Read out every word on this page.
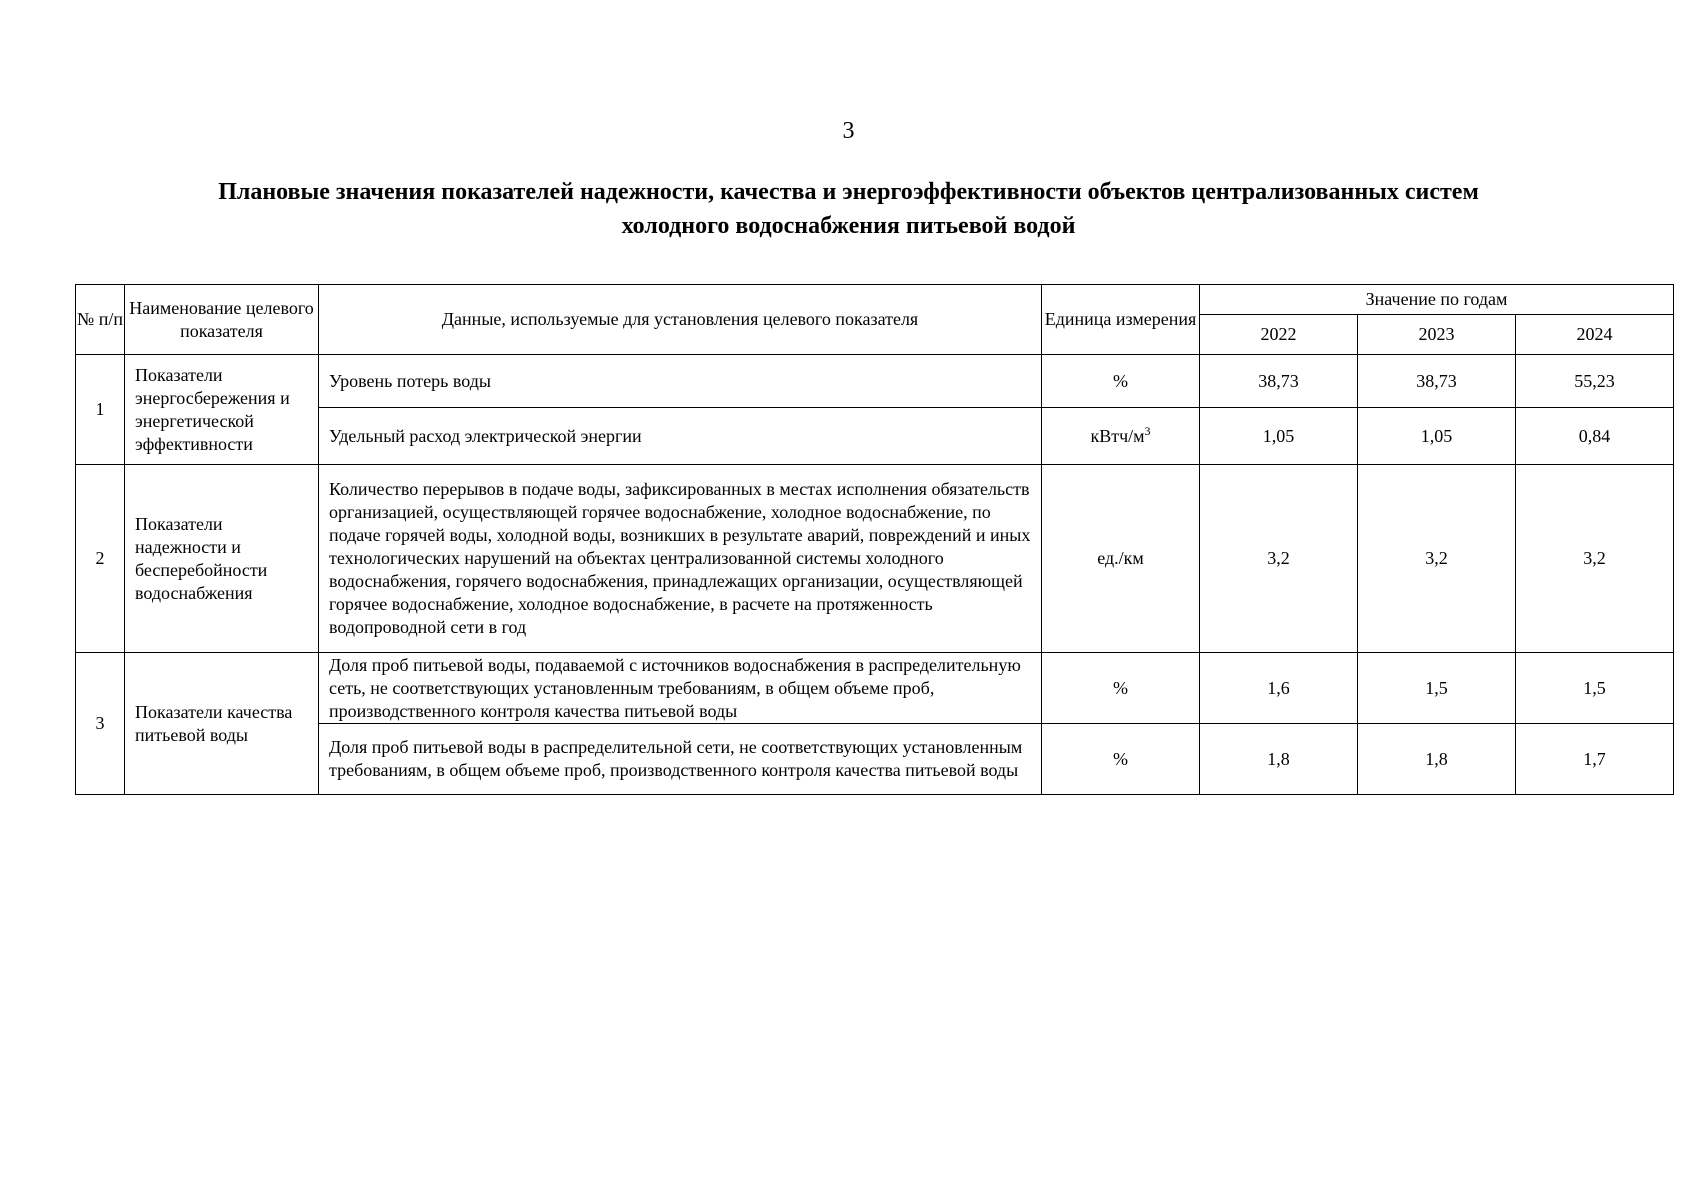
3
Плановые значения показателей надежности, качества и энергоэффективности объектов централизованных систем
холодного водоснабжения питьевой водой
№ п/п	Наименование целевого показателя	Данные, используемые для установления целевого показателя	Единица измерения	Значение по годам		
				2022	2023	2024
1	Показатели энергосбережения и энергетической эффективности	Уровень потерь воды	%	38,73	38,73	55,23
		Удельный расход электрической энергии	кВтч/$м^3$	1,05	1,05	0,84
2	Показатели надежности и бесперебойности водоснабжения	Количество перерывов в подаче воды, зафиксированных в местах исполнения обязательств организацией, осуществляющей горячее водоснабжение, холодное водоснабжение, по подаче горячей воды, холодной воды, возникших в результате аварий, повреждений и иных технологических нарушений на объектах централизованной системы холодного водоснабжения, горячего водоснабжения, принадлежащих организации, осуществляющей горячее водоснабжение, холодное водоснабжение, в расчете на протяженность водопроводной сети в год	ед./км	3,2	3,2	3,2
3	Показатели качества питьевой воды	Доля проб питьевой воды, подаваемой с источников водоснабжения в распределительную сеть, не соответствующих установленным требованиям, в общем объеме проб, производственного контроля качества питьевой воды	%	1,6	1,5	1,5
		Доля проб питьевой воды в распределительной сети, не соответствующих установленным требованиям, в общем объеме проб, производственного контроля качества питьевой воды	%	1,8	1,8	1,7
